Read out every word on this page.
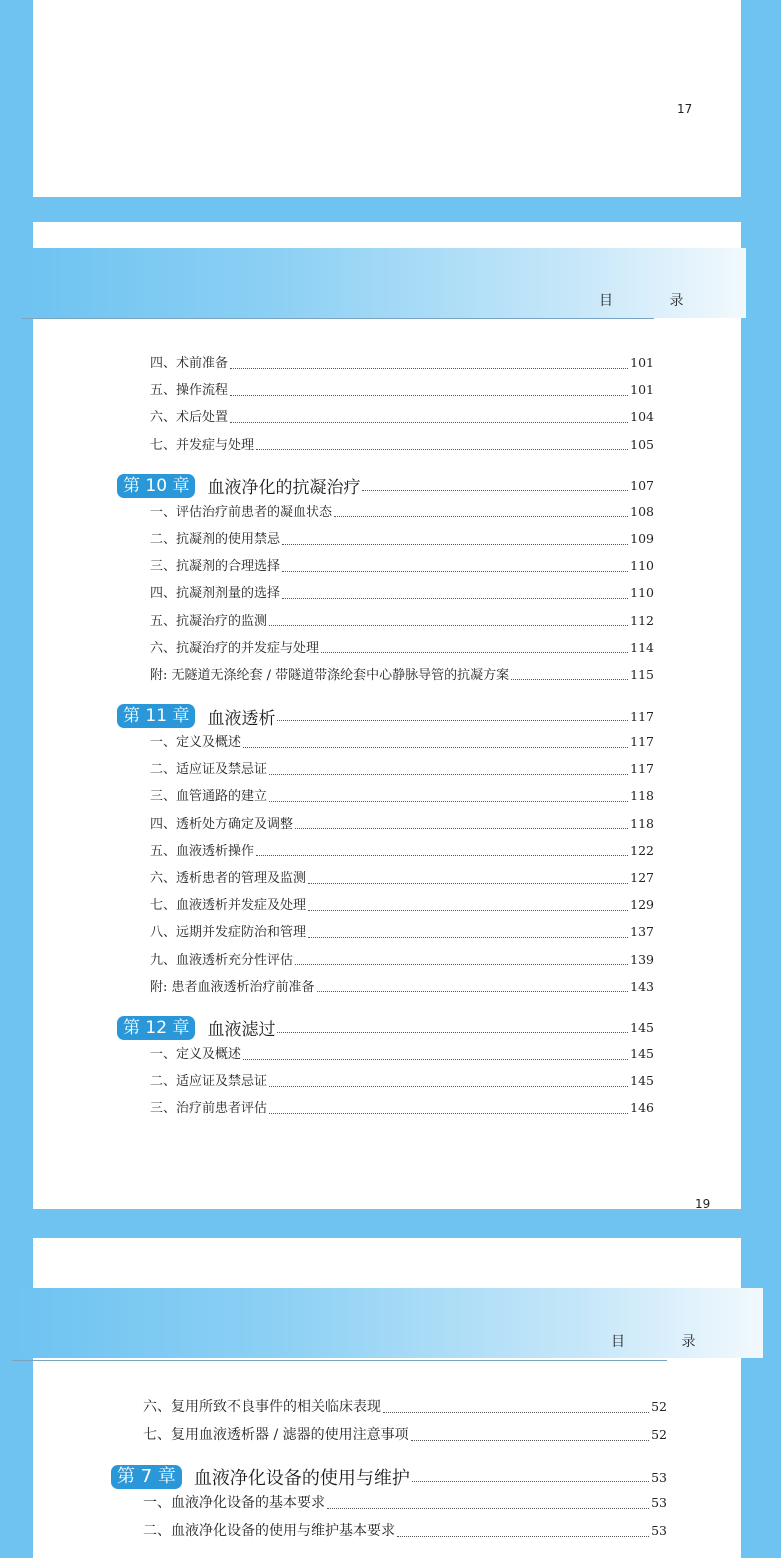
17
目 录
四、术前准备	101
五、操作流程	101
六、术后处置	104
七、并发症与处理	105
第 10 章	血液净化的抗凝治疗	107
一、评估治疗前患者的凝血状态	108
二、抗凝剂的使用禁忌	109
三、抗凝剂的合理选择	110
四、抗凝剂剂量的选择	110
五、抗凝治疗的监测	112
六、抗凝治疗的并发症与处理	114
附: 无隧道无涤纶套 / 带隧道带涤纶套中心静脉导管的抗凝方案	115
第 11 章	血液透析	117
一、定义及概述	117
二、适应证及禁忌证	117
三、血管通路的建立	118
四、透析处方确定及调整	118
五、血液透析操作	122
六、透析患者的管理及监测	127
七、血液透析并发症及处理	129
八、远期并发症防治和管理	137
九、血液透析充分性评估	139
附: 患者血液透析治疗前准备	143
第 12 章	血液滤过	145
一、定义及概述	145
二、适应证及禁忌证	145
三、治疗前患者评估	146
19
目 录
六、复用所致不良事件的相关临床表现	52
七、复用血液透析器 / 滤器的使用注意事项	52
第 7 章	血液净化设备的使用与维护	53
一、血液净化设备的基本要求	53
二、血液净化设备的使用与维护基本要求	53
